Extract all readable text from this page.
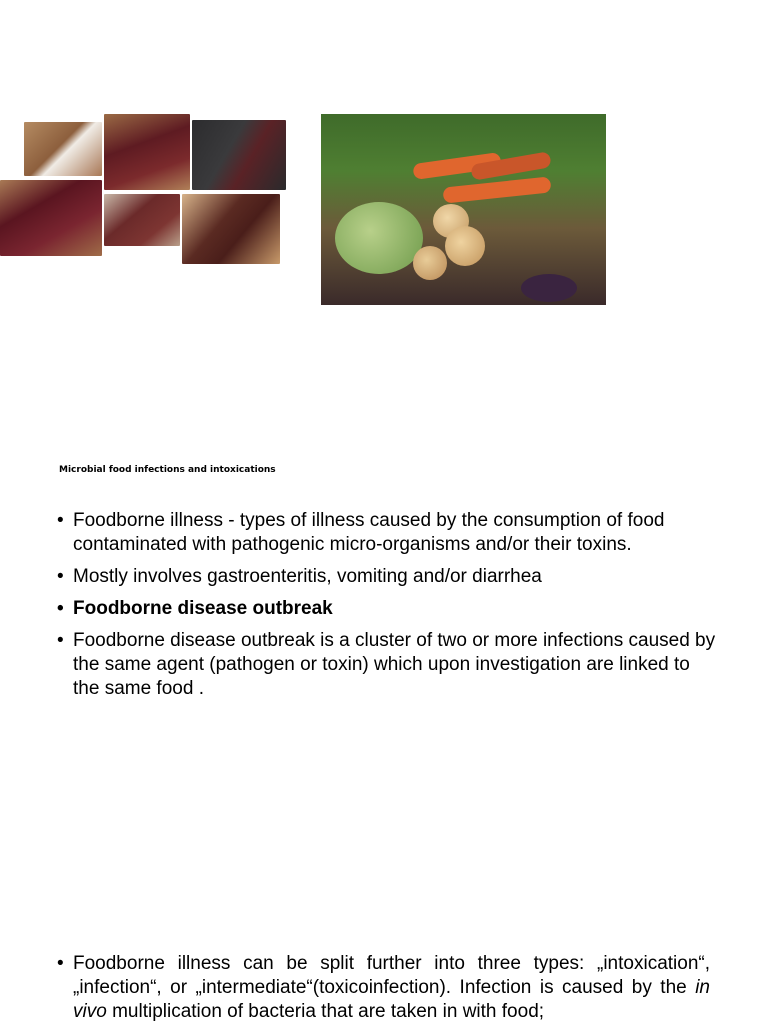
Microbial food infections and intoxications
• Foodborne illness - types of illness caused by the consumption of food contaminated with pathogenic micro-organisms and/or their toxins.
• Mostly involves gastroenteritis, vomiting and/or diarrhea
• Foodborne disease outbreak
• Foodborne disease outbreak is a cluster of two or more infections caused by the same agent (pathogen or toxin) which upon investigation are linked to the same food .
• Foodborne illness can be split further into three types: „intoxication“, „infection“, or „intermediate“(toxicoinfection). Infection is caused by the in vivo multiplication of bacteria that are taken in with food;
